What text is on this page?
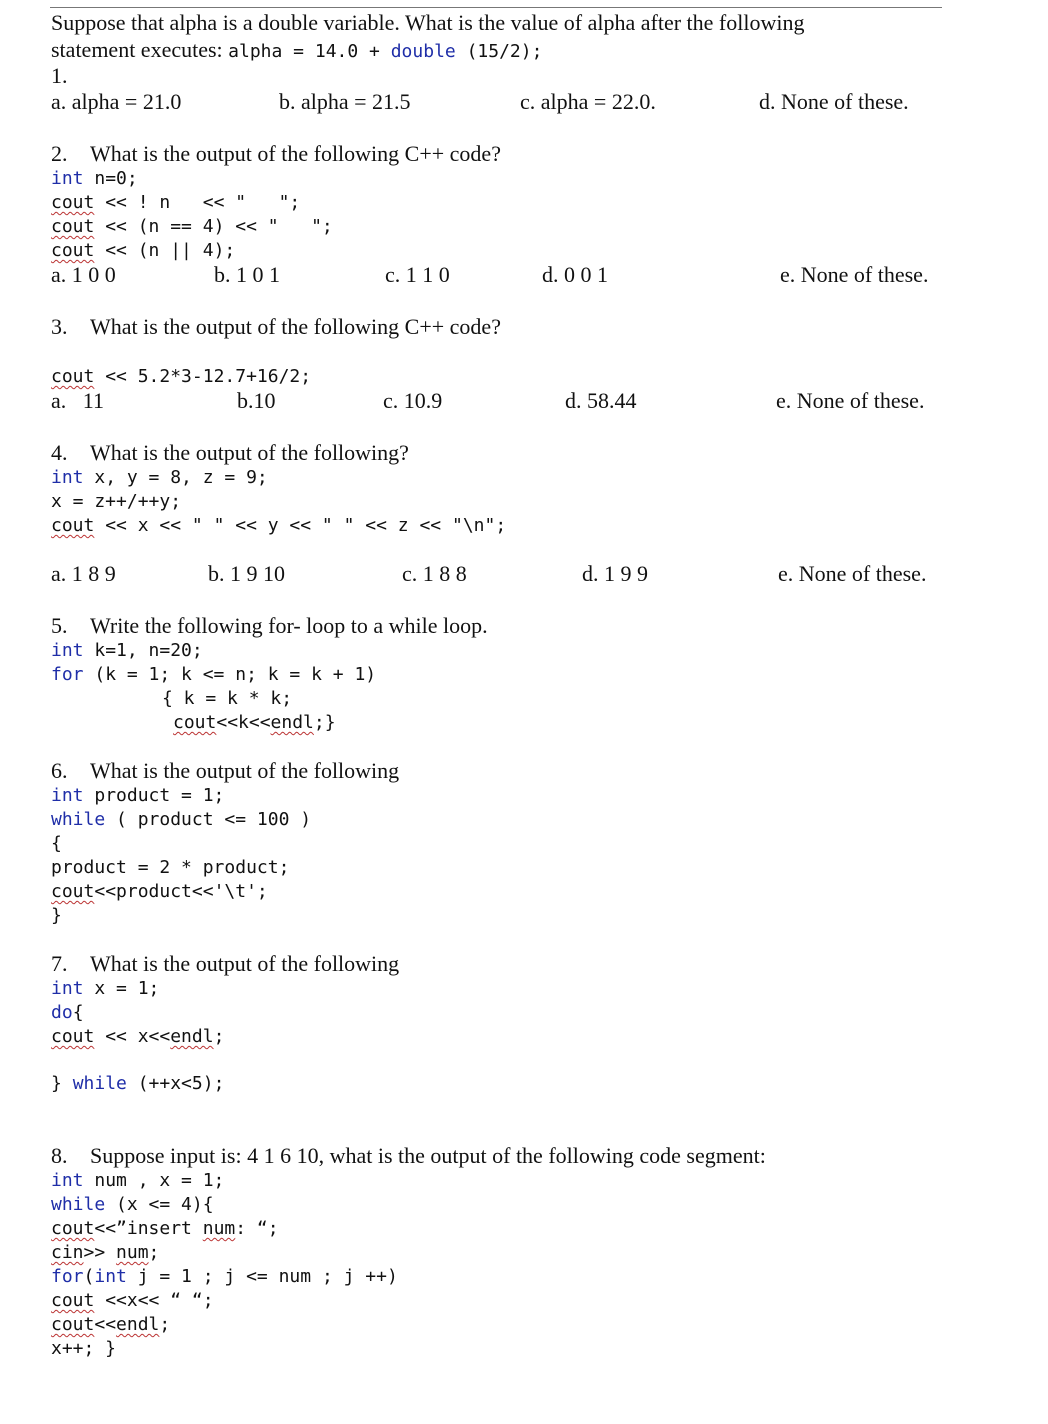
Suppose that alpha is a double variable. What is the value of alpha after the following
statement executes: alpha = 14.0 + double (15/2);
1.
a. alpha = 21.0	b. alpha = 21.5	c. alpha = 22.0.	d. None of these.
2. What is the output of the following C++ code?
int n=0;
cout << ! n   << "   ";
cout << (n == 4) << "   ";
cout << (n || 4);
a. 1 0 0	b. 1 0 1	c. 1 1 0	d. 0 0 1	e. None of these.
3. What is the output of the following C++ code?
cout << 5.2*3-12.7+16/2;
a.   11	b.10	c. 10.9	d. 58.44	e. None of these.
4. What is the output of the following?
int x, y = 8, z = 9;
x = z++/++y;
cout << x << " " << y << " " << z << "\n";
a. 1 8 9	b. 1 9 10	c. 1 8 8	d. 1 9 9	e. None of these.
5. Write the following for- loop to a while loop.
int k=1, n=20;
for (k = 1; k <= n; k = k + 1)
{ k = k * k;
cout<<k<<endl;}
6. What is the output of the following
int product = 1;
while ( product <= 100 )
{
product = 2 * product;
cout<<product<<'\t';
}
7. What is the output of the following
int x = 1;
do{
cout << x<<endl;
} while (++x<5);
8. Suppose input is: 4 1 6 10, what is the output of the following code segment:
int num , x = 1;
while (x <= 4){
cout<<”insert num: “;
cin>> num;
for(int j = 1 ; j <= num ; j ++)
cout <<x<< “ “;
cout<<endl;
x++; }
